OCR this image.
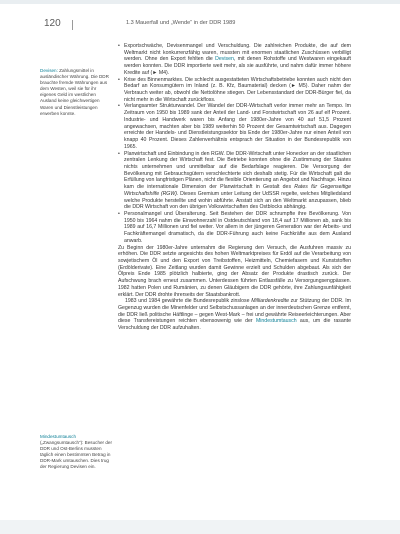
120	1.3 Mauerfall und „Wende“ in der DDR 1989
Devisen: Zahlungsmittel in ausländischer Währung. Die DDR brauchte fremde Währungen aus dem Westen, weil sie für ihr eigenes Geld im westlichen Ausland keine gleichwertigen Waren und Dienstleistungen erwerben konnte.
Mindestumtausch („Zwangsumtausch“): Besucher der DDR und Ost-Berlins mussten täglich einen bestimmten Betrag in DDR-Mark umtauschen. Dies trug der Regierung Devisen ein.
• Exportschwäche, Devisenmangel und Verschuldung. Die zahlreichen Produkte, die auf dem Weltmarkt nicht konkurrenzfähig waren, mussten mit enormen staatlichen Zuschüssen verbilligt werden. Ohne den Export fehlten die Devisen, mit denen Rohstoffe und Westwaren eingekauft werden konnten. Die DDR importierte weit mehr, als sie ausführte, und nahm dafür immer höhere Kredite auf (► M4).
• Krise des Binnenmarktes. Die schlecht ausgestatteten Wirtschaftsbetriebe konnten auch nicht den Bedarf an Konsumgütern im Inland (z. B. Kfz, Baumaterial) decken (► M5). Daher nahm der Verbrauch weiter ab, obwohl die Nettolöhne stiegen. Der Lebensstandard der DDR-Bürger fiel, da nicht mehr in die Wirtschaft zurückfloss.
• Verlangsamter Strukturwandel. Der Wandel der DDR-Wirtschaft verlor immer mehr an Tempo. Im Zeitraum von 1950 bis 1989 sank der Anteil der Land- und Forstwirtschaft von 26 auf elf Prozent. Industrie- und Handwerk waren bis Anfang der 1980er-Jahre von 40 auf 51,5 Prozent angewachsen, machten aber bis 1989 weiterhin 50 Prozent der Gesamtwirtschaft aus. Dagegen erreichte der Handels- und Dienstleistungssektor bis Ende der 1980er-Jahre nur einen Anteil von knapp 40 Prozent. Dieses Zahlenverhältnis entsprach der Situation in der Bundesrepublik von 1965.
• Planwirtschaft und Einbindung in den RGW. Die DDR-Wirtschaft unter Honecker an der staatlichen zentralen Lenkung der Wirtschaft fest. Die Betriebe konnten ohne die Zustimmung der Staates nichts unternehmen und unmittelbar auf die Bedarfslage reagieren. Die Versorgung der Bevölkerung mit Gebrauchsgütern verschlechterte sich deshalb stetig. Für die Wirtschaft galt die Erfüllung von langfristigen Plänen, nicht die flexible Orientierung an Angebot und Nachfrage. Hinzu kam die internationale Dimension der Planwirtschaft in Gestalt des Rates für Gegenseitige Wirtschaftshilfe (RGW). Dieses Gremium unter Leitung der UdSSR regelte, welches Mitgliedsland welche Produkte herstellte und wohin abführte. Anstatt sich an den Weltmarkt anzupassen, blieb die DDR Wirtschaft von den übrigen Volkswirtschaften des Ostblocks abhängig.
• Personalmangel und Überalterung. Seit Bestehen der DDR schrumpfte ihre Bevölkerung. Von 1950 bis 1964 nahm die Einwohnerzahl in Ostdeutschland von 18,4 auf 17 Millionen ab, sank bis 1989 auf 16,7 Millionen und fiel weiter. Vor allem in der jüngeren Generation war der Arbeits- und Fachkräftemangel dramatisch, da die DDR-Führung auch keine Fachkräfte aus dem Ausland anwarb.
Zu Beginn der 1980er-Jahre unternahm die Regierung den Versuch, die Ausfuhren massiv zu erhöhen. Die DDR setzte angesichts des hohen Weltmarktpreises für Erdöl auf die Verarbeitung von sowjetischem Öl und den Export von Treibstoffen, Heizmitteln, Chemiefasern und Kunststoffen (Erdölderivate). Eine Zeitlang wurden damit Gewinne erzielt und Schulden abgebaut. Als sich der Ölpreis Ende 1985 plötzlich halbierte, ging der Absatz der Produkte drastisch zurück. Der Aufschwung brach erneut zusammen. Unterdessen führten Entlassfälle zu Versorgungsengpässen. 1982 hatten Polen und Rumänien, zu denen Gläubigern die DDR gehörte, ihre Zahlungsunfähigkeit erklärt. Der DDR drohte ihrerseits der Staatsbankrott.
1983 und 1984 gewährte die Bundesrepublik zinslose Milliardenkredite zur Stützung der DDR. Im Gegenzug wurden die Minenfelder und Selbstschussanlagen an der innerdeutschen Grenze entfernt, die DDR ließ politische Häftlinge – gegen West-Mark – frei und gewährte Reiseerleichterungen. Aber diese Transfereistungen reichten ebensowenig wie der Mindestumtausch aus, um die rasante Verschuldung der DDR aufzuhalten.
